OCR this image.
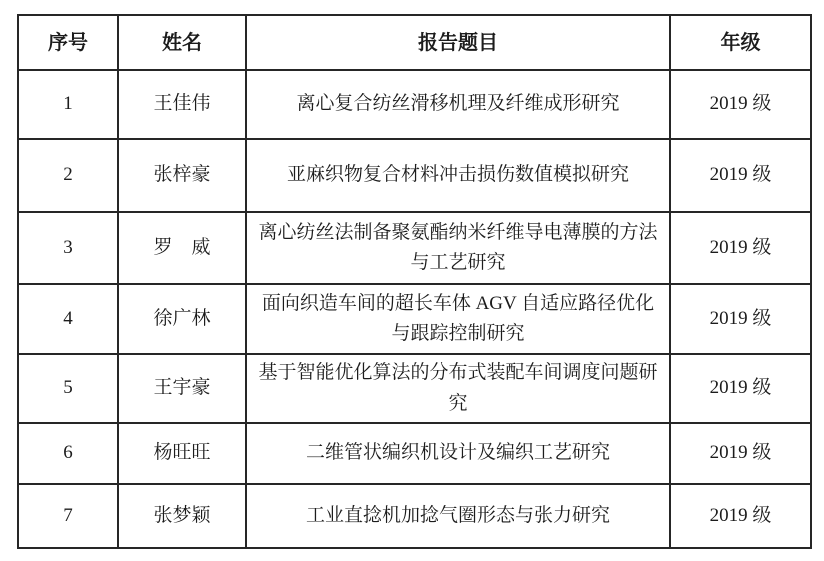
序号	姓名	报告题目	年级
1	王佳伟	离心复合纺丝滑移机理及纤维成形研究	2019 级
2	张梓豪	亚麻织物复合材料冲击损伤数值模拟研究	2019 级
3	罗　威	离心纺丝法制备聚氨酯纳米纤维导电薄膜的方法与工艺研究	2019 级
4	徐广林	面向织造车间的超长车体 AGV 自适应路径优化与跟踪控制研究	2019 级
5	王宇豪	基于智能优化算法的分布式装配车间调度问题研究	2019 级
6	杨旺旺	二维管状编织机设计及编织工艺研究	2019 级
7	张梦颖	工业直捻机加捻气圈形态与张力研究	2019 级
